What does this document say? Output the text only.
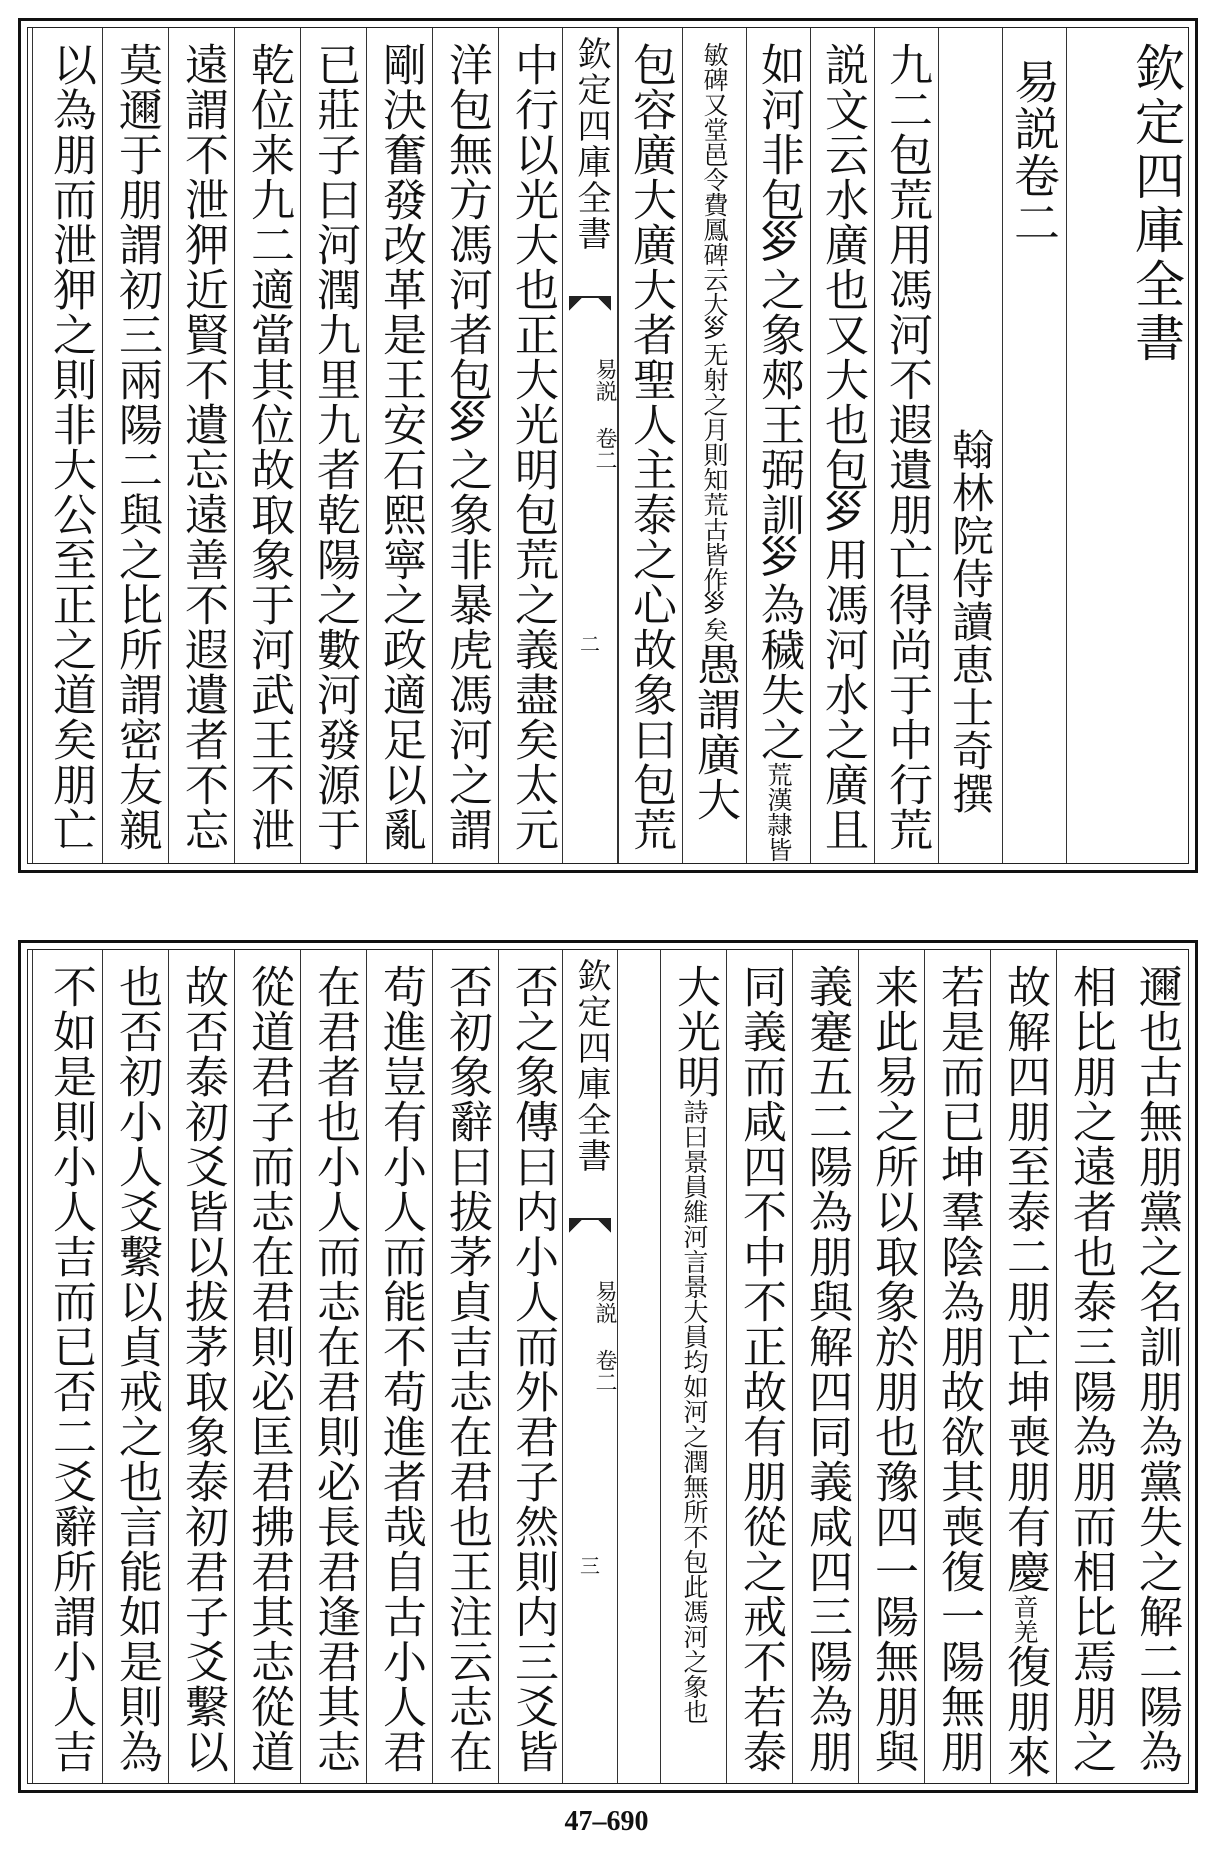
欽定四庫全書
易説卷二
翰林院侍讀恵士奇撰
九二包荒用馮河不遐遺朋亡得尚于中行荒
説文云水廣也又大也包𡿪用馮河水之廣且
如河非包𡿪之象郟王弼訓𡿪為穢失之荒漢隷皆
敏碑又堂邑令費鳳碑云大𡿪无射之月則知荒古皆作𡿪矣愚謂廣大
包容廣大廣大者聖人主泰之心故象曰包荒
欽定四庫全書
易説 卷二
二
中行以光大也正大光明包荒之義盡矣太元
洋包無方馮河者包𡿪之象非暴虎馮河之謂
剛決奮發改革是王安石熙寧之政適足以亂
已莊子曰河潤九里九者乾陽之數河發源于
乾位来九二適當其位故取象于河武王不泄
遠謂不泄狎近賢不遺忘遠善不遐遺者不忘
莫邇于朋謂初三兩陽二與之比所謂密友親
以為朋而泄狎之則非大公至正之道矣朋亡
邇也古無朋黨之名訓朋為黨失之解二陽為
相比朋之遠者也泰三陽為朋而相比焉朋之
故解四朋至泰二朋亡坤喪朋有慶音羌復朋來
若是而已坤羣陰為朋故欲其喪復一陽無朋
来此易之所以取象於朋也豫四一陽無朋與
義蹇五二陽為朋與解四同義咸四三陽為朋
同義而咸四不中不正故有朋從之戒不若泰
大光明詩曰景員維河言景大員均如河之潤無所不包此馮河之象也
欽定四庫全書
易説 卷二
三
否之象傳曰内小人而外君子然則内三爻皆
否初象辭曰拔茅貞吉志在君也王注云志在
苟進豈有小人而能不苟進者哉自古小人君
在君者也小人而志在君則必長君逢君其志
從道君子而志在君則必匡君拂君其志從道
故否泰初爻皆以拔茅取象泰初君子爻繫以
也否初小人爻繫以貞戒之也言能如是則為
不如是則小人吉而已否二爻辭所謂小人吉
47–690
